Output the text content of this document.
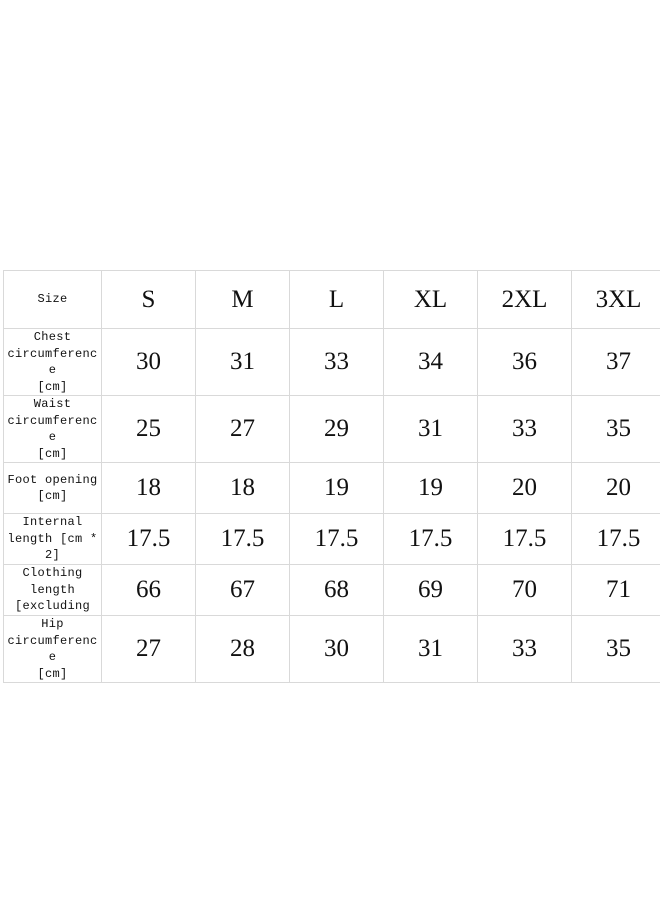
Size	S	M	L	XL	2XL	3XL
Chest
circumference
[cm]	30	31	33	34	36	37
Waist
circumference
[cm]	25	27	29	31	33	35
Foot opening
[cm]	18	18	19	19	20	20
Internal
length [cm *
2]	17.5	17.5	17.5	17.5	17.5	17.5
Clothing
length
[excluding	66	67	68	69	70	71
Hip
circumference
[cm]	27	28	30	31	33	35
